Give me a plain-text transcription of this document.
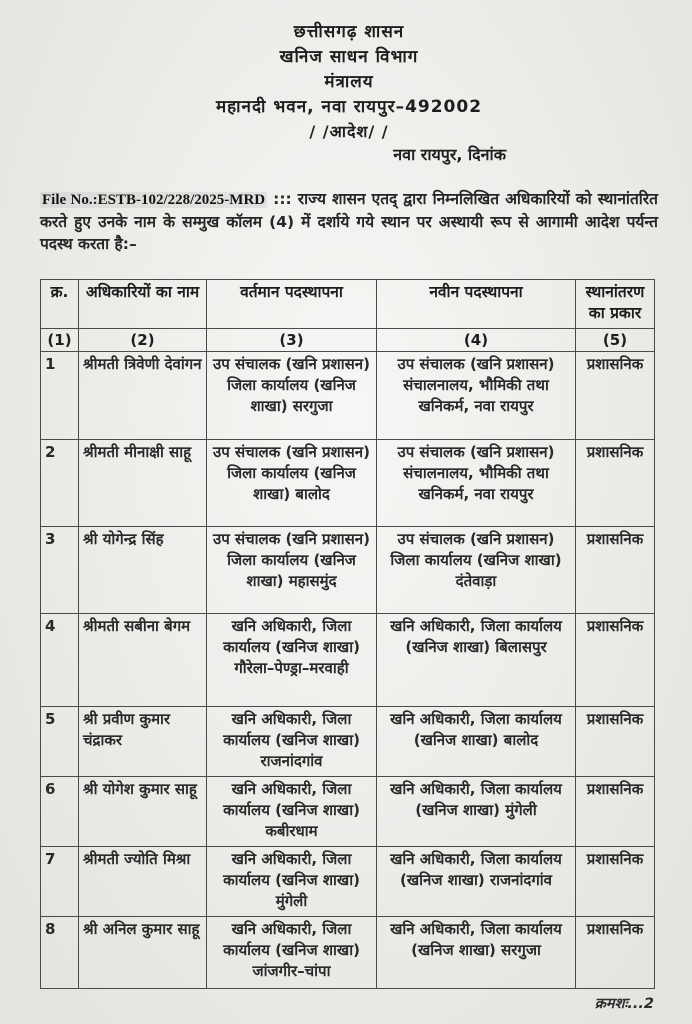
छत्तीसगढ़ शासन
खनिज साधन विभाग
मंत्रालय
महानदी भवन, नवा रायपुर–492002
/ /आदेश/ /
नवा रायपुर, दिनांक
File No.:ESTB-102/228/2025-MRD ::: राज्य शासन एतद् द्वारा निम्नलिखित अधिकारियों को स्थानांतरित करते हुए उनके नाम के सम्मुख कॉलम (4) में दर्शाये गये स्थान पर अस्थायी रूप से आगामी आदेश पर्यन्त पदस्थ करता है:–
क्र.	अधिकारियों का नाम	वर्तमान पदस्थापना	नवीन पदस्थापना	स्थानांतरण का प्रकार
(1)	(2)	(3)	(4)	(5)
1	श्रीमती त्रिवेणी देवांगन	उप संचालक (खनि प्रशासन) जिला कार्यालय (खनिज शाखा) सरगुजा	उप संचालक (खनि प्रशासन) संचालनालय, भौमिकी तथा खनिकर्म, नवा रायपुर	प्रशासनिक
2	श्रीमती मीनाक्षी साहू	उप संचालक (खनि प्रशासन) जिला कार्यालय (खनिज शाखा) बालोद	उप संचालक (खनि प्रशासन) संचालनालय, भौमिकी तथा खनिकर्म, नवा रायपुर	प्रशासनिक
3	श्री योगेन्द्र सिंह	उप संचालक (खनि प्रशासन) जिला कार्यालय (खनिज शाखा) महासमुंद	उप संचालक (खनि प्रशासन) जिला कार्यालय (खनिज शाखा) दंतेवाड़ा	प्रशासनिक
4	श्रीमती सबीना बेगम	खनि अधिकारी, जिला कार्यालय (खनिज शाखा) गौरेला–पेण्ड्रा–मरवाही	खनि अधिकारी, जिला कार्यालय (खनिज शाखा) बिलासपुर	प्रशासनिक
5	श्री प्रवीण कुमार चंद्राकर	खनि अधिकारी, जिला कार्यालय (खनिज शाखा) राजनांदगांव	खनि अधिकारी, जिला कार्यालय (खनिज शाखा) बालोद	प्रशासनिक
6	श्री योगेश कुमार साहू	खनि अधिकारी, जिला कार्यालय (खनिज शाखा) कबीरधाम	खनि अधिकारी, जिला कार्यालय (खनिज शाखा) मुंगेली	प्रशासनिक
7	श्रीमती ज्योति मिश्रा	खनि अधिकारी, जिला कार्यालय (खनिज शाखा) मुंगेली	खनि अधिकारी, जिला कार्यालय (खनिज शाखा) राजनांदगांव	प्रशासनिक
8	श्री अनिल कुमार साहू	खनि अधिकारी, जिला कार्यालय (खनिज शाखा) जांजगीर–चांपा	खनि अधिकारी, जिला कार्यालय (खनिज शाखा) सरगुजा	प्रशासनिक
क्रमशः...2
